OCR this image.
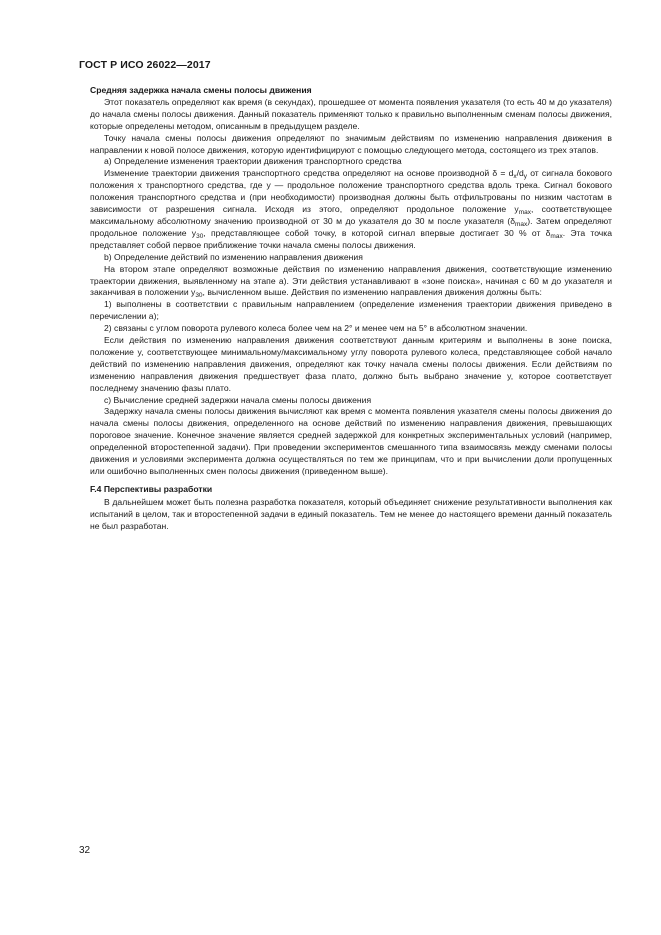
ГОСТ Р ИСО 26022—2017

Средняя задержка начала смены полосы движения

Этот показатель определяют как время (в секундах), прошедшее от момента появления указателя (то есть 40 м до указателя) до начала смены полосы движения. Данный показатель применяют только к правильно выполненным сменам полосы движения, которые определены методом, описанным в предыдущем разделе.

Точку начала смены полосы движения определяют по значимым действиям по изменению направления движения в направлении к новой полосе движения, которую идентифицируют с помощью следующего метода, состоящего из трех этапов.

а) Определение изменения траектории движения транспортного средства

Изменение траектории движения транспортного средства определяют на основе производной $\delta = d_x/d_y$ от сигнала бокового положения x транспортного средства, где y — продольное положение транспортного средства вдоль трека. Сигнал бокового положения транспортного средства и (при необходимости) производная должны быть отфильтрованы по низким частотам в зависимости от разрешения сигнала. Исходя из этого, определяют продольное положение $y_{max}$, соответствующее максимальному абсолютному значению производной от 30 м до указателя до 30 м после указателя $(\delta_{max})$. Затем определяют продольное положение $y_{30}$, представляющее собой точку, в которой сигнал впервые достигает 30 % от $\delta_{max}$. Эта точка представляет собой первое приближение точки начала смены полосы движения.

b) Определение действий по изменению направления движения

На втором этапе определяют возможные действия по изменению направления движения, соответствующие изменению траектории движения, выявленному на этапе а). Эти действия устанавливают в «зоне поиска», начиная с 60 м до указателя и заканчивая в положении $y_{30}$, вычисленном выше. Действия по изменению направления движения должны быть:

1) выполнены в соответствии с правильным направлением (определение изменения траектории движения приведено в перечислении а);

2) связаны с углом поворота рулевого колеса более чем на 2° и менее чем на 5° в абсолютном значении.

Если действия по изменению направления движения соответствуют данным критериям и выполнены в зоне поиска, положение y, соответствующее минимальному/максимальному углу поворота рулевого колеса, представляющее собой начало действий по изменению направления движения, определяют как точку начала смены полосы движения. Если действиям по изменению направления движения предшествует фаза плато, должно быть выбрано значение y, которое соответствует последнему значению фазы плато.

c) Вычисление средней задержки начала смены полосы движения

Задержку начала смены полосы движения вычисляют как время с момента появления указателя смены полосы движения до начала смены полосы движения, определенного на основе действий по изменению направления движения, превышающих пороговое значение. Конечное значение является средней задержкой для конкретных экспериментальных условий (например, определенной второстепенной задачи). При проведении экспериментов смешанного типа взаимосвязь между сменами полосы движения и условиями эксперимента должна осуществляться по тем же принципам, что и при вычислении доли пропущенных или ошибочно выполненных смен полосы движения (приведенном выше).

F.4 Перспективы разработки

В дальнейшем может быть полезна разработка показателя, который объединяет снижение результативности выполнения как испытаний в целом, так и второстепенной задачи в единый показатель. Тем не менее до настоящего времени данный показатель не был разработан.

32
